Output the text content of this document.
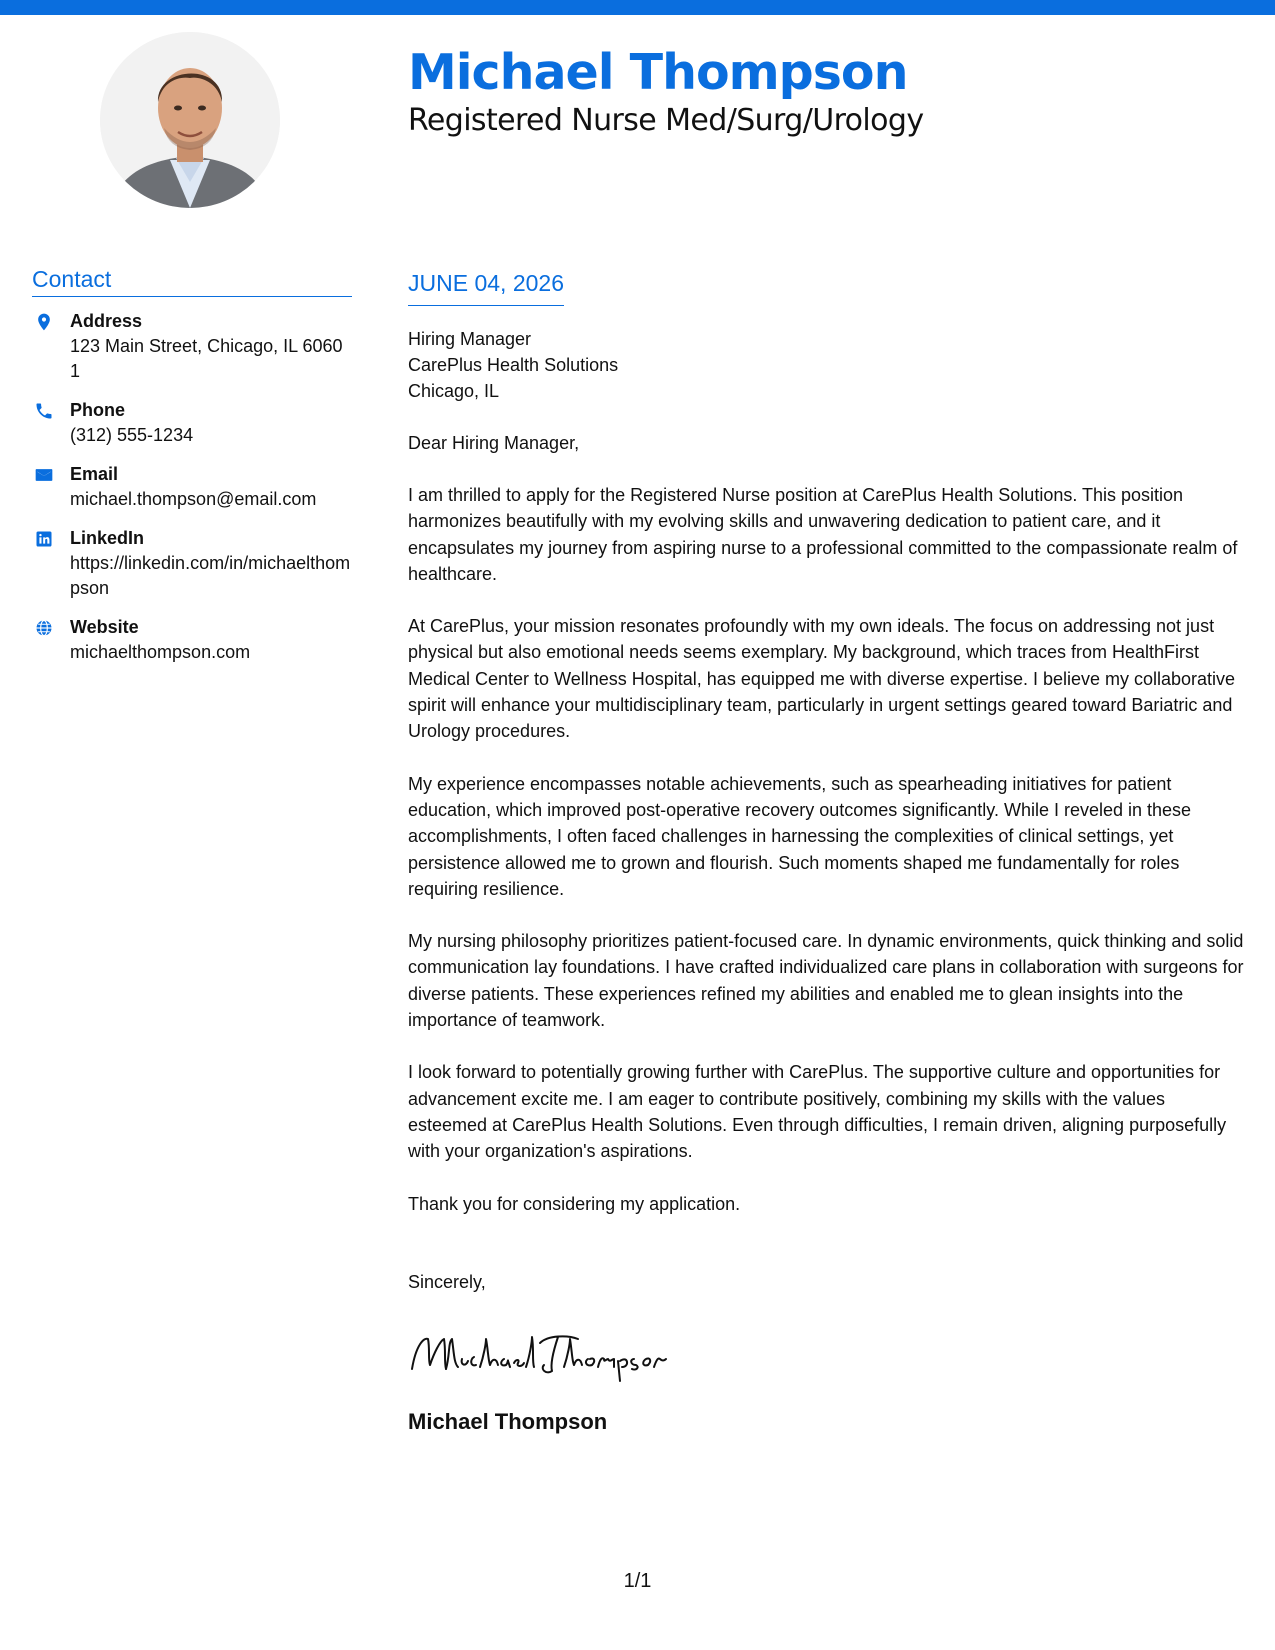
Michael Thompson
Registered Nurse Med/Surg/Urology
Contact
Address
123 Main Street, Chicago, IL 60601
Phone
(312) 555-1234
Email
michael.thompson@email.com
LinkedIn
https://linkedin.com/in/michaelthompson
Website
michaelthompson.com
JUNE 04, 2026
Hiring Manager
CarePlus Health Solutions
Chicago, IL
Dear Hiring Manager,

I am thrilled to apply for the Registered Nurse position at CarePlus Health Solutions. This position harmonizes beautifully with my evolving skills and unwavering dedication to patient care, and it encapsulates my journey from aspiring nurse to a professional committed to the compassionate realm of healthcare.

At CarePlus, your mission resonates profoundly with my own ideals. The focus on addressing not just physical but also emotional needs seems exemplary. My background, which traces from HealthFirst Medical Center to Wellness Hospital, has equipped me with diverse expertise. I believe my collaborative spirit will enhance your multidisciplinary team, particularly in urgent settings geared toward Bariatric and Urology procedures.

My experience encompasses notable achievements, such as spearheading initiatives for patient education, which improved post-operative recovery outcomes significantly. While I reveled in these accomplishments, I often faced challenges in harnessing the complexities of clinical settings, yet persistence allowed me to grown and flourish. Such moments shaped me fundamentally for roles requiring resilience.

My nursing philosophy prioritizes patient-focused care. In dynamic environments, quick thinking and solid communication lay foundations. I have crafted individualized care plans in collaboration with surgeons for diverse patients. These experiences refined my abilities and enabled me to glean insights into the importance of teamwork.

I look forward to potentially growing further with CarePlus. The supportive culture and opportunities for advancement excite me. I am eager to contribute positively, combining my skills with the values esteemed at CarePlus Health Solutions. Even through difficulties, I remain driven, aligning purposefully with your organization's aspirations.

Thank you for considering my application.

Sincerely,
Michael Thompson
1/1
